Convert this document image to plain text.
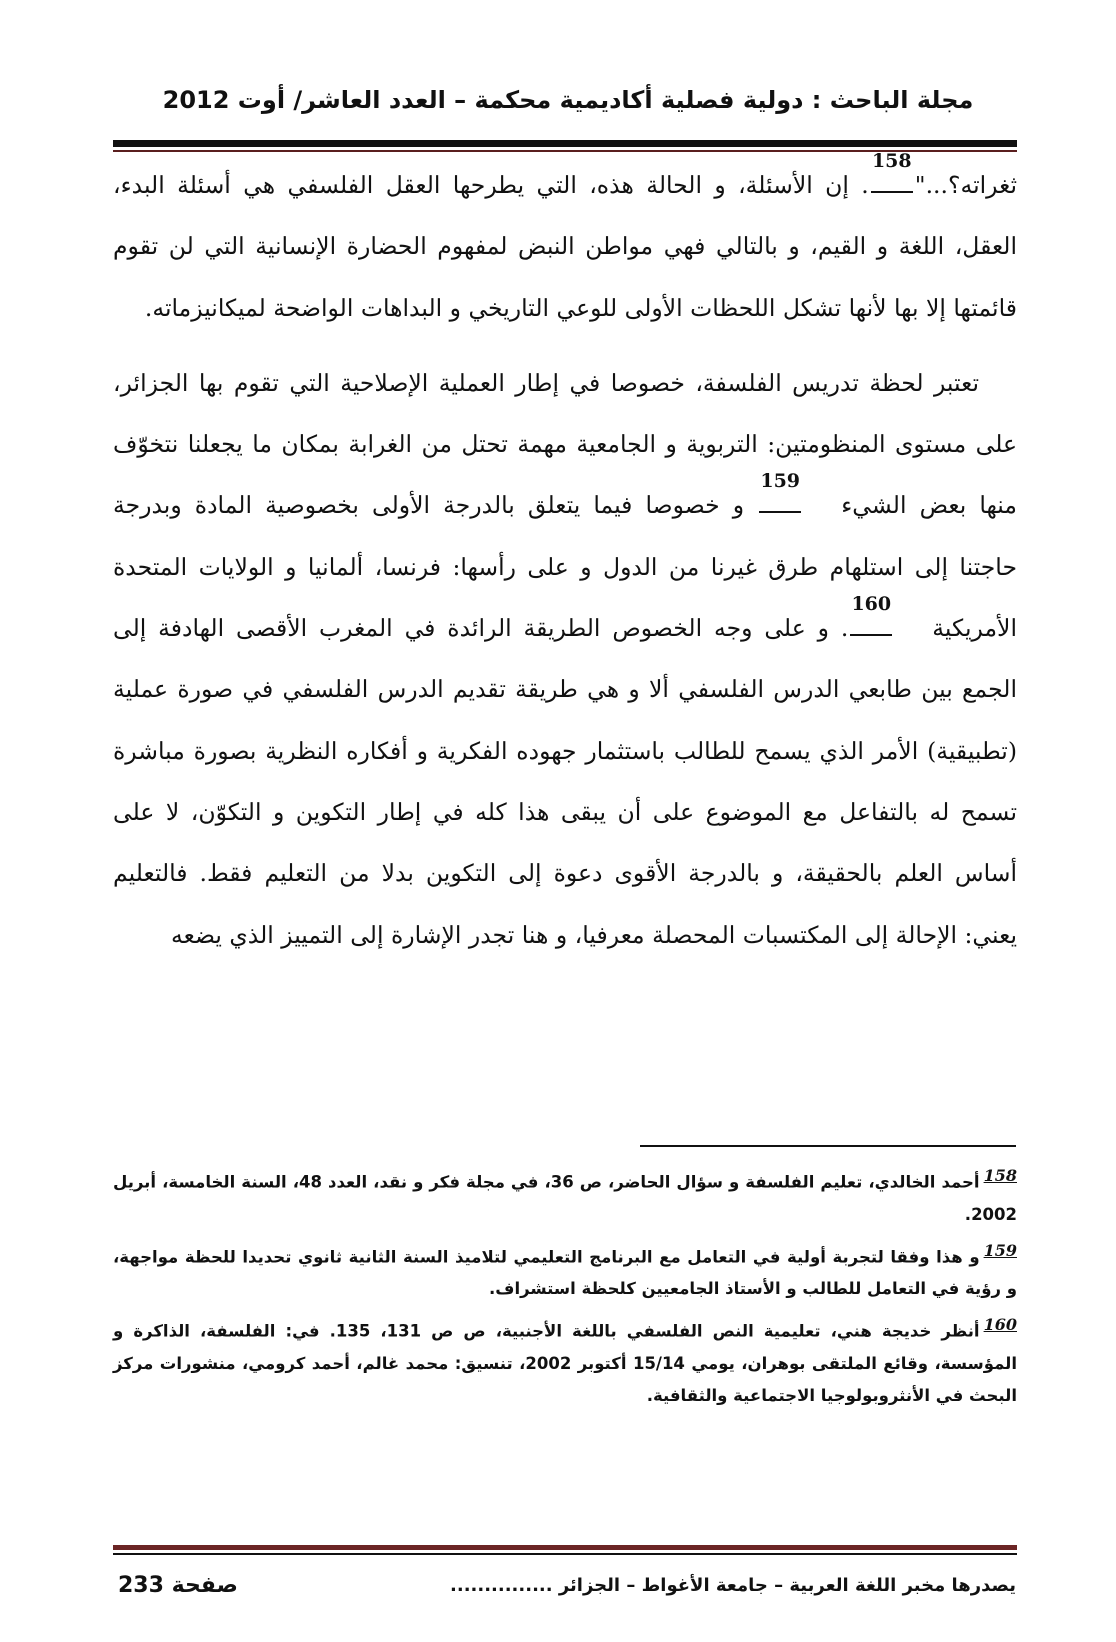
مجلة الباحث : دولية فصلية أكاديمية محكمة – العدد العاشر/ أوت 2012

ثغراته؟..."
158
. إن الأسئلة، و الحالة هذه، التي يطرحها العقل الفلسفي هي أسئلة البدء، العقل، اللغة و القيم، و بالتالي فهي مواطن النبض لمفهوم الحضارة الإنسانية التي لن تقوم قائمتها إلا بها لأنها تشكل اللحظات الأولى للوعي التاريخي و البداهات الواضحة لميكانيزماته.

تعتبر لحظة تدريس الفلسفة، خصوصا في إطار العملية الإصلاحية التي تقوم بها الجزائر، على مستوى المنظومتين: التربوية و الجامعية مهمة تحتل من الغرابة بمكان ما يجعلنا نتخوّف منها بعض الشيء
159
و خصوصا فيما يتعلق بالدرجة الأولى بخصوصية المادة وبدرجة حاجتنا إلى استلهام طرق غيرنا من الدول و على رأسها: فرنسا، ألمانيا و الولايات المتحدة الأمريكية
160
. و على وجه الخصوص الطريقة الرائدة في المغرب الأقصى الهادفة إلى الجمع بين طابعي الدرس الفلسفي ألا و هي طريقة تقديم الدرس الفلسفي في صورة عملية (تطبيقية) الأمر الذي يسمح للطالب باستثمار جهوده الفكرية و أفكاره النظرية بصورة مباشرة تسمح له بالتفاعل مع الموضوع على أن يبقى هذا كله في إطار التكوين و التكوّن، لا على أساس العلم بالحقيقة، و بالدرجة الأقوى دعوة إلى التكوين بدلا من التعليم فقط. فالتعليم يعني: الإحالة إلى المكتسبات المحصلة معرفيا، و هنا تجدر الإشارة إلى التمييز الذي يضعه

158أحمد الخالدي، تعليم الفلسفة و سؤال الحاضر، ص 36، في مجلة فكر و نقد، العدد 48، السنة الخامسة، أبريل 2002.

159و هذا وفقا لتجربة أولية في التعامل مع البرنامج التعليمي لتلاميذ السنة الثانية ثانوي تحديدا للحظة مواجهة، و رؤية في التعامل للطالب و الأستاذ الجامعيين كلحظة استشراف.

160أنظر خديجة هني، تعليمية النص الفلسفي باللغة الأجنبية، ص ص 131، 135. في: الفلسفة، الذاكرة و المؤسسة، وقائع الملتقى بوهران، يومي 15/14 أكتوبر 2002، تنسيق: محمد غالم، أحمد كرومي، منشورات مركز البحث في الأنثروبولوجيا الاجتماعية والثقافية.

يصدرها مخبر اللغة العربية – جامعة الأغواط – الجزائر ...............
صفحة 233
